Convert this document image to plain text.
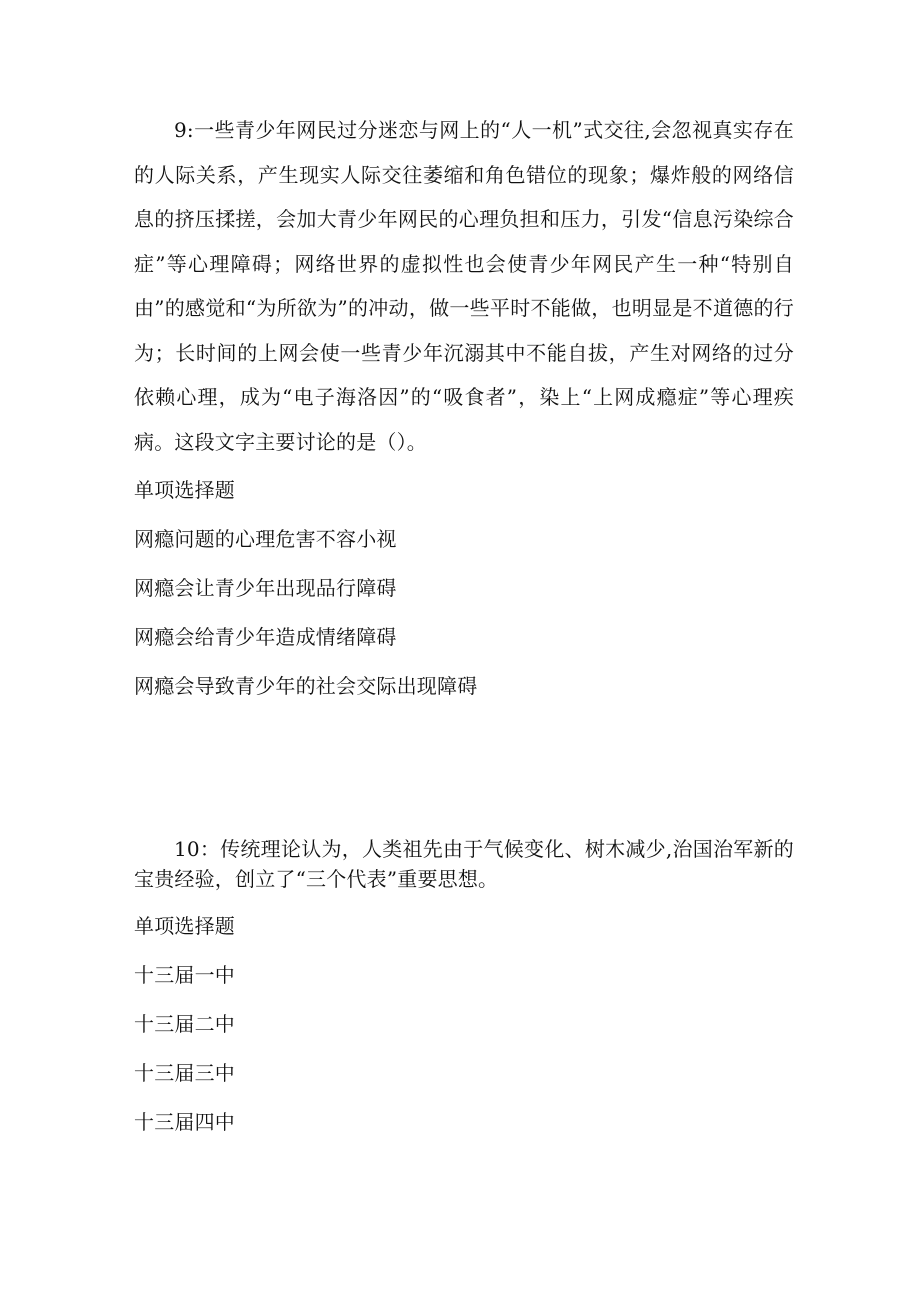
9:一些青少年网民过分迷恋与网上的“人一机”式交往,会忽视真实存在的人际关系，产生现实人际交往萎缩和角色错位的现象；爆炸般的网络信息的挤压揉搓，会加大青少年网民的心理负担和压力，引发“信息污染综合症”等心理障碍；网络世界的虚拟性也会使青少年网民产生一种“特别自由”的感觉和“为所欲为”的冲动，做一些平时不能做，也明显是不道德的行为；长时间的上网会使一些青少年沉溺其中不能自拔，产生对网络的过分依赖心理，成为“电子海洛因”的“吸食者”，染上“上网成瘾症”等心理疾病。这段文字主要讨论的是（）。

单项选择题

网瘾问题的心理危害不容小视

网瘾会让青少年出现品行障碍

网瘾会给青少年造成情绪障碍

网瘾会导致青少年的社会交际出现障碍

10：传统理论认为，人类祖先由于气候变化、树木减少,治国治军新的宝贵经验，创立了“三个代表”重要思想。

单项选择题

十三届一中

十三届二中

十三届三中

十三届四中
